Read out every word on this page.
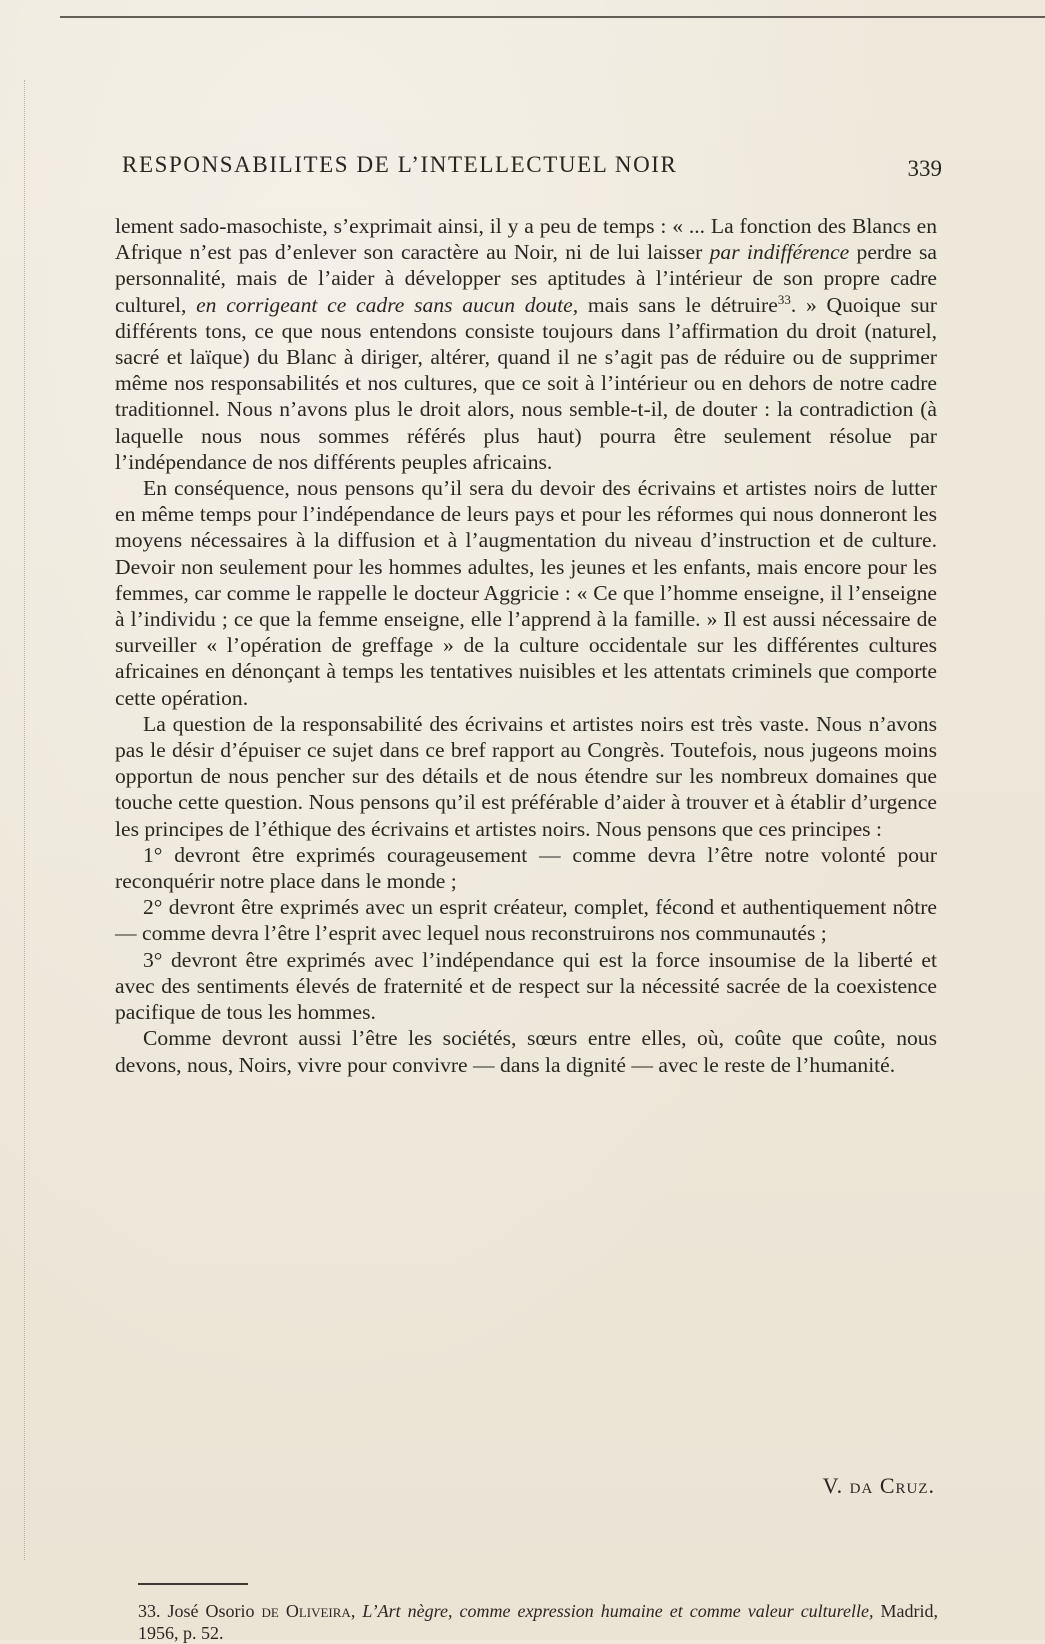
RESPONSABILITES DE L’INTELLECTUEL NOIR	339

lement sado-masochiste, s’exprimait ainsi, il y a peu de temps : « ... La fonction des Blancs en Afrique n’est pas d’enlever son caractère au Noir, ni de lui laisser par indifférence perdre sa personnalité, mais de l’aider à développer ses aptitudes à l’intérieur de son propre cadre culturel, en corrigeant ce cadre sans aucun doute, mais sans le détruire$^{33}$. » Quoique sur différents tons, ce que nous entendons consiste toujours dans l’affirmation du droit (naturel, sacré et laïque) du Blanc à diriger, altérer, quand il ne s’agit pas de réduire ou de supprimer même nos responsabilités et nos cultures, que ce soit à l’intérieur ou en dehors de notre cadre traditionnel. Nous n’avons plus le droit alors, nous semble-t-il, de douter : la contradiction (à laquelle nous nous sommes référés plus haut) pourra être seulement résolue par l’indépendance de nos différents peuples africains.

En conséquence, nous pensons qu’il sera du devoir des écrivains et artistes noirs de lutter en même temps pour l’indépendance de leurs pays et pour les réformes qui nous donneront les moyens nécessaires à la diffusion et à l’augmentation du niveau d’instruction et de culture. Devoir non seulement pour les hommes adultes, les jeunes et les enfants, mais encore pour les femmes, car comme le rappelle le docteur Aggricie : « Ce que l’homme enseigne, il l’enseigne à l’individu ; ce que la femme enseigne, elle l’apprend à la famille. » Il est aussi nécessaire de surveiller « l’opération de greffage » de la culture occidentale sur les différentes cultures africaines en dénonçant à temps les tentatives nuisibles et les attentats criminels que comporte cette opération.

La question de la responsabilité des écrivains et artistes noirs est très vaste. Nous n’avons pas le désir d’épuiser ce sujet dans ce bref rapport au Congrès. Toutefois, nous jugeons moins opportun de nous pencher sur des détails et de nous étendre sur les nombreux domaines que touche cette question. Nous pensons qu’il est préférable d’aider à trouver et à établir d’urgence les principes de l’éthique des écrivains et artistes noirs. Nous pensons que ces principes :

1° devront être exprimés courageusement — comme devra l’être notre volonté pour reconquérir notre place dans le monde ;

2° devront être exprimés avec un esprit créateur, complet, fécond et authentiquement nôtre — comme devra l’être l’esprit avec lequel nous reconstruirons nos communautés ;

3° devront être exprimés avec l’indépendance qui est la force insoumise de la liberté et avec des sentiments élevés de fraternité et de respect sur la nécessité sacrée de la coexistence pacifique de tous les hommes.

Comme devront aussi l’être les sociétés, sœurs entre elles, où, coûte que coûte, nous devons, nous, Noirs, vivre pour convivre — dans la dignité — avec le reste de l’humanité.

V. da Cruz.
33. José Osorio de Oliveira, L’Art nègre, comme expression humaine et comme valeur culturelle, Madrid, 1956, p. 52.
